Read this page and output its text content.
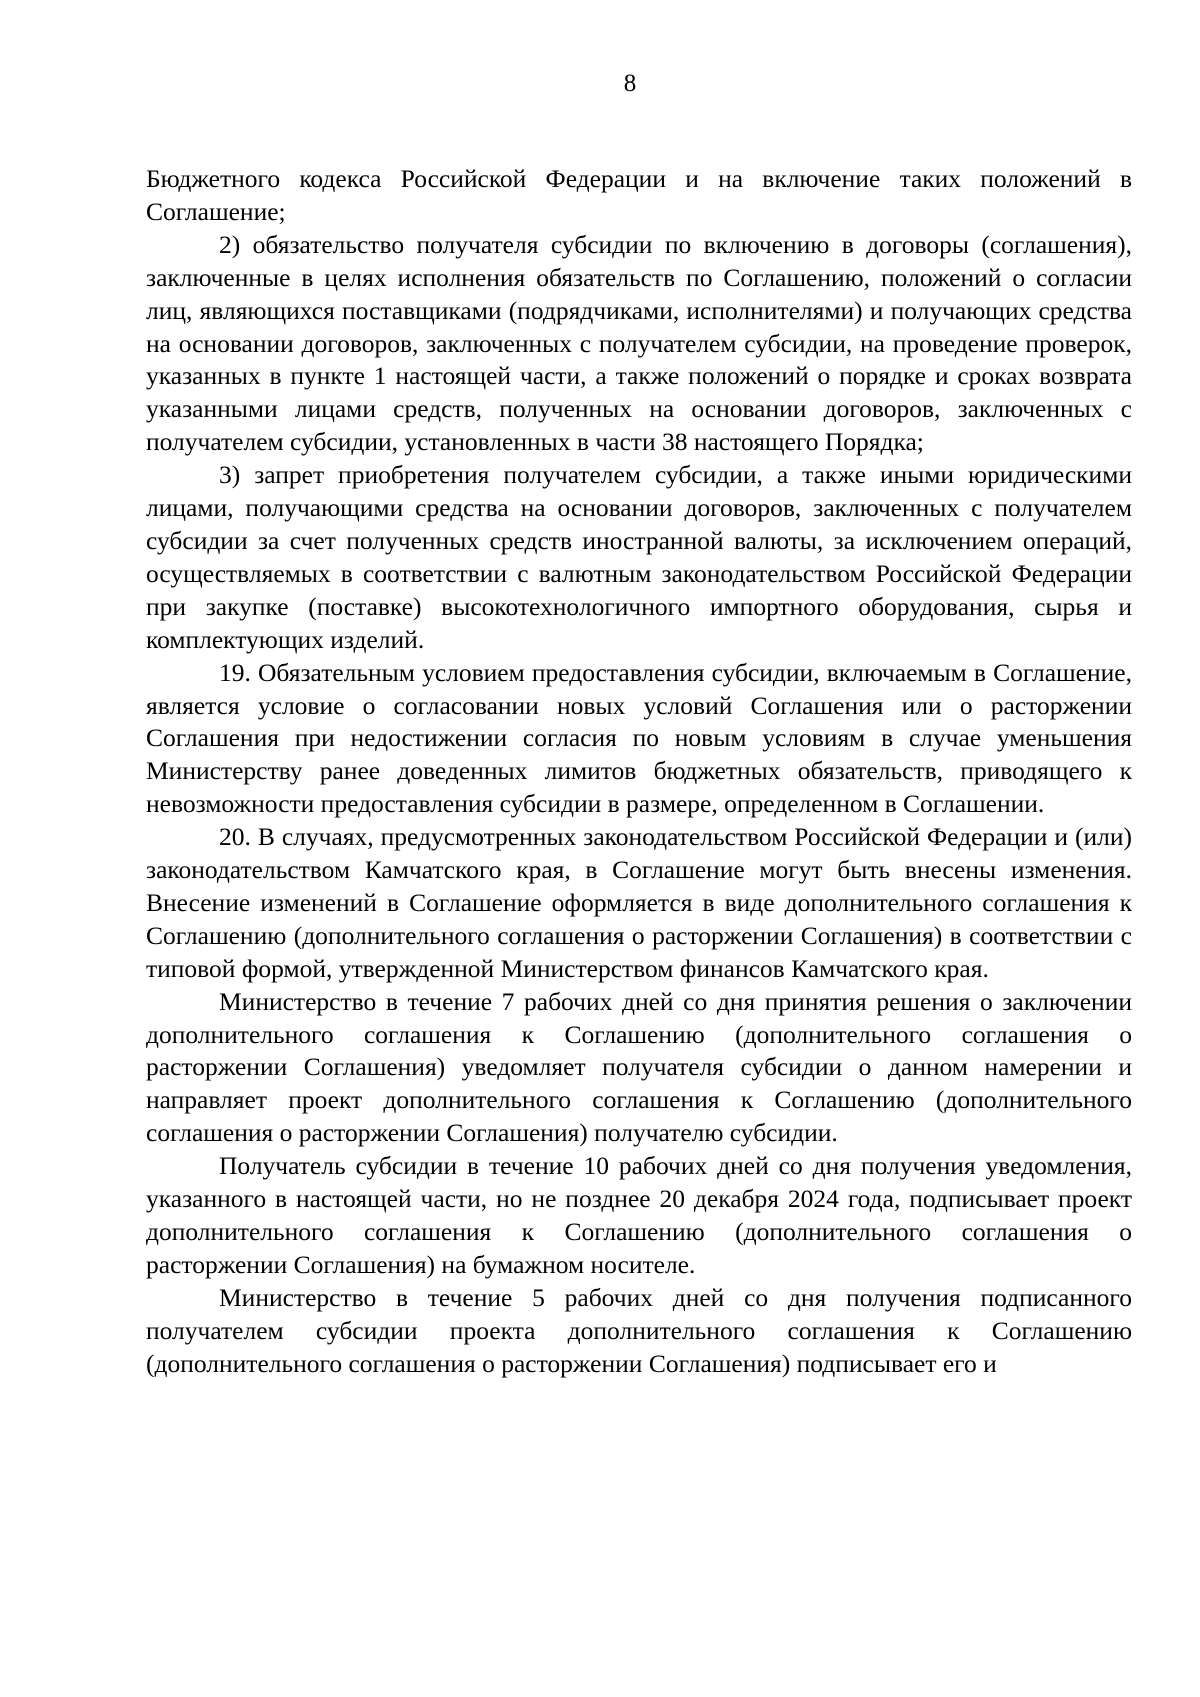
8

Бюджетного кодекса Российской Федерации и на включение таких положений в Соглашение;

2) обязательство получателя субсидии по включению в договоры (соглашения), заключенные в целях исполнения обязательств по Соглашению, положений о согласии лиц, являющихся поставщиками (подрядчиками, исполнителями) и получающих средства на основании договоров, заключенных с получателем субсидии, на проведение проверок, указанных в пункте 1 настоящей части, а также положений о порядке и сроках возврата указанными лицами средств, полученных на основании договоров, заключенных с получателем субсидии, установленных в части 38 настоящего Порядка;

3) запрет приобретения получателем субсидии, а также иными юридическими лицами, получающими средства на основании договоров, заключенных с получателем субсидии за счет полученных средств иностранной валюты, за исключением операций, осуществляемых в соответствии с валютным законодательством Российской Федерации при закупке (поставке) высокотехнологичного импортного оборудования, сырья и комплектующих изделий.

19. Обязательным условием предоставления субсидии, включаемым в Соглашение, является условие о согласовании новых условий Соглашения или о расторжении Соглашения при недостижении согласия по новым условиям в случае уменьшения Министерству ранее доведенных лимитов бюджетных обязательств, приводящего к невозможности предоставления субсидии в размере, определенном в Соглашении.

20. В случаях, предусмотренных законодательством Российской Федерации и (или) законодательством Камчатского края, в Соглашение могут быть внесены изменения. Внесение изменений в Соглашение оформляется в виде дополнительного соглашения к Соглашению (дополнительного соглашения о расторжении Соглашения) в соответствии с типовой формой, утвержденной Министерством финансов Камчатского края.

Министерство в течение 7 рабочих дней со дня принятия решения о заключении дополнительного соглашения к Соглашению (дополнительного соглашения о расторжении Соглашения) уведомляет получателя субсидии о данном намерении и направляет проект дополнительного соглашения к Соглашению (дополнительного соглашения о расторжении Соглашения) получателю субсидии.

Получатель субсидии в течение 10 рабочих дней со дня получения уведомления, указанного в настоящей части, но не позднее 20 декабря 2024 года, подписывает проект дополнительного соглашения к Соглашению (дополнительного соглашения о расторжении Соглашения) на бумажном носителе.

Министерство в течение 5 рабочих дней со дня получения подписанного получателем субсидии проекта дополнительного соглашения к Соглашению (дополнительного соглашения о расторжении Соглашения) подписывает его и
